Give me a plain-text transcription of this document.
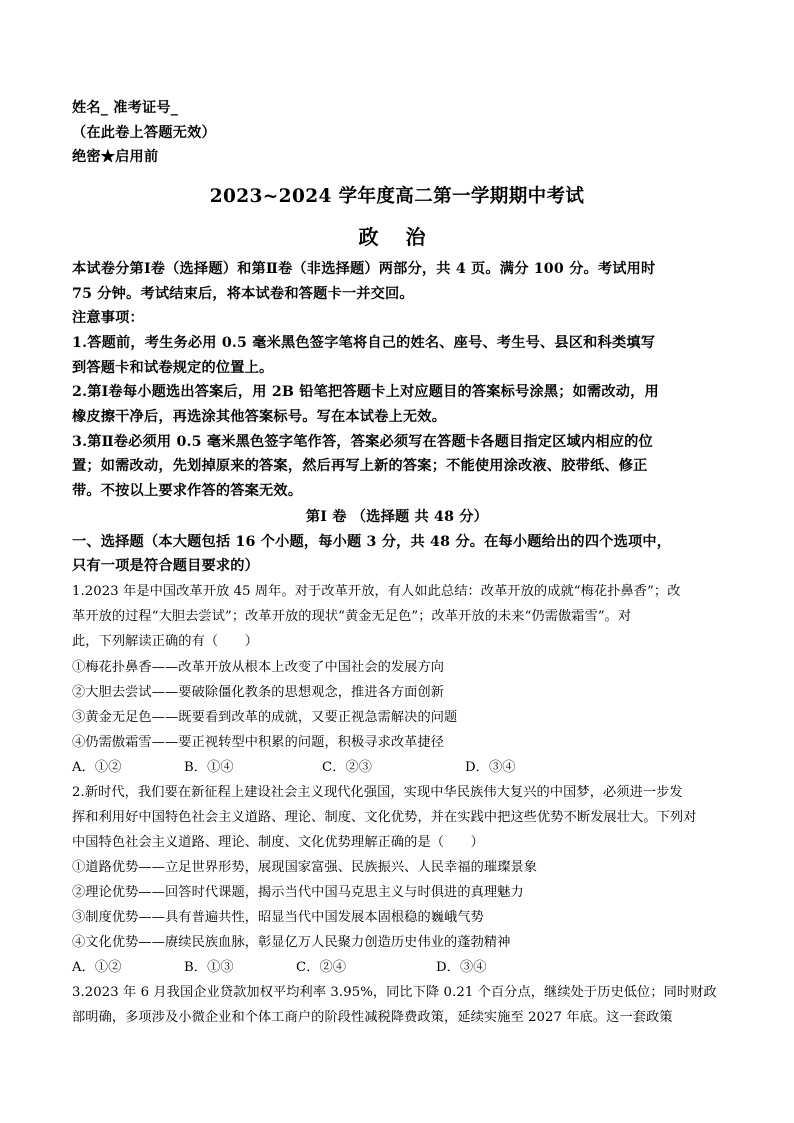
姓名_ 准考证号_
（在此卷上答题无效）
绝密★启用前
2023~2024 学年度高二第一学期期中考试
政 治
本试卷分第Ⅰ卷（选择题）和第Ⅱ卷（非选择题）两部分，共 4 页。满分 100 分。考试用时
75 分钟。考试结束后，将本试卷和答题卡一并交回。
注意事项：
1.答题前，考生务必用 0.5 毫米黑色签字笔将自己的姓名、座号、考生号、县区和科类填写
到答题卡和试卷规定的位置上。
2.第Ⅰ卷每小题选出答案后，用 2B 铅笔把答题卡上对应题目的答案标号涂黑；如需改动，用
橡皮擦干净后，再选涂其他答案标号。写在本试卷上无效。
3.第Ⅱ卷必须用 0.5 毫米黑色签字笔作答，答案必须写在答题卡各题目指定区域内相应的位
置；如需改动，先划掉原来的答案，然后再写上新的答案；不能使用涂改液、胶带纸、修正
带。不按以上要求作答的答案无效。
第Ⅰ 卷 （选择题 共 48 分）
一、选择题（本大题包括 16 个小题，每小题 3 分，共 48 分。在每小题给出的四个选项中，
只有一项是符合题目要求的）
1.2023 年是中国改革开放 45 周年。对于改革开放，有人如此总结：改革开放的成就“梅花扑鼻香”；改
革开放的过程“大胆去尝试”；改革开放的现状“黄金无足色”；改革开放的未来“仍需傲霜雪”。对
此，下列解读正确的有（　　）
①梅花扑鼻香——改革开放从根本上改变了中国社会的发展方向
②大胆去尝试——要破除僵化教条的思想观念，推进各方面创新
③黄金无足色——既要看到改革的成就，又要正视急需解决的问题
④仍需傲霜雪——要正视转型中积累的问题，积极寻求改革捷径
A．①②	B．①④	C．②③	D．③④
2.新时代，我们要在新征程上建设社会主义现代化强国，实现中华民族伟大复兴的中国梦，必须进一步发
挥和利用好中国特色社会主义道路、理论、制度、文化优势，并在实践中把这些优势不断发展壮大。下列对
中国特色社会主义道路、理论、制度、文化优势理解正确的是（　　）
①道路优势——立足世界形势，展现国家富强、民族振兴、人民幸福的璀璨景象
②理论优势——回答时代课题，揭示当代中国马克思主义与时俱进的真理魅力
③制度优势——具有普遍共性，昭显当代中国发展本固根稳的巍峨气势
④文化优势——赓续民族血脉，彰显亿万人民聚力创造历史伟业的蓬勃精神
A．①②	B．①③	C．②④	D．③④
3.2023 年 6 月我国企业贷款加权平均利率 3.95%，同比下降 0.21 个百分点，继续处于历史低位；同时财政
部明确，多项涉及小微企业和个体工商户的阶段性减税降费政策，延续实施至 2027 年底。这一套政策
